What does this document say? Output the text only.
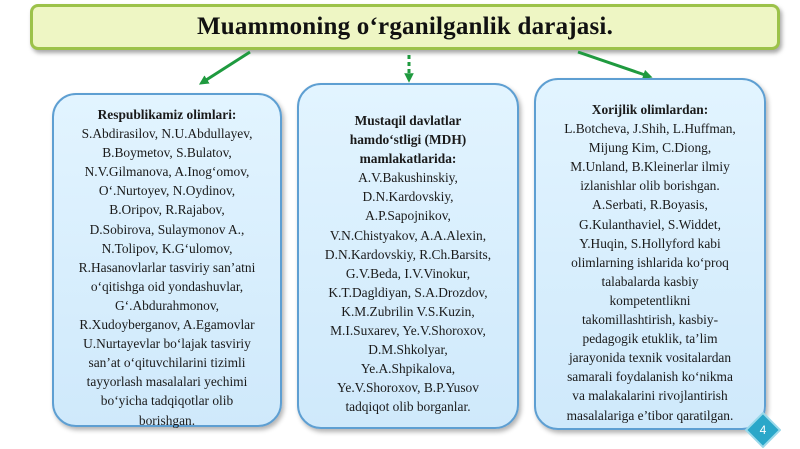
Muammoning o‘rganilganlik darajasi.
Respublikamiz olimlari:
S.Abdirasilov, N.U.Abdullayev,
B.Boymetov, S.Bulatov,
N.V.Gilmanova, A.Inog‘omov,
O‘.Nurtoyev, N.Oydinov,
B.Oripov, R.Rajabov,
D.Sobirova, Sulaymonov A.,
N.Tolipov, K.G‘ulomov,
R.Hasanovlarlar tasviriy san’atni
o‘qitishga oid yondashuvlar,
G‘.Abdurahmonov,
R.Xudoyberganov, A.Egamovlar
U.Nurtayevlar bo‘lajak tasviriy
san’at o‘qituvchilarini tizimli
tayyorlash masalalari yechimi
bo‘yicha tadqiqotlar olib
borishgan.
Mustaqil davlatlar
hamdo‘stligi (MDH)
mamlakatlarida:
A.V.Bakushinskiy,
D.N.Kardovskiy,
A.P.Sapojnikov,
V.N.Chistyakov, A.A.Alexin,
D.N.Kardovskiy, R.Ch.Barsits,
G.V.Beda, I.V.Vinokur,
K.T.Dagldiyan, S.A.Drozdov,
K.M.Zubrilin V.S.Kuzin,
M.I.Suxarev, Ye.V.Shoroxov,
D.M.Shkolyar,
Ye.A.Shpikalova,
Ye.V.Shoroxov, B.P.Yusov
tadqiqot olib borganlar.
Xorijlik olimlardan:
L.Botcheva, J.Shih, L.Huffman,
Mijung Kim, C.Diong,
M.Unland, B.Kleinerlar ilmiy
izlanishlar olib borishgan.
A.Serbati, R.Boyasis,
G.Kulanthaviel, S.Widdet,
Y.Huqin, S.Hollyford kabi
olimlarning ishlarida ko‘proq
talabalarda kasbiy
kompetentlikni
takomillashtirish, kasbiy-
pedagogik etuklik, ta’lim
jarayonida texnik vositalardan
samarali foydalanish ko‘nikma
va malakalarini rivojlantirish
masalalariga e’tibor qaratilgan.
4
